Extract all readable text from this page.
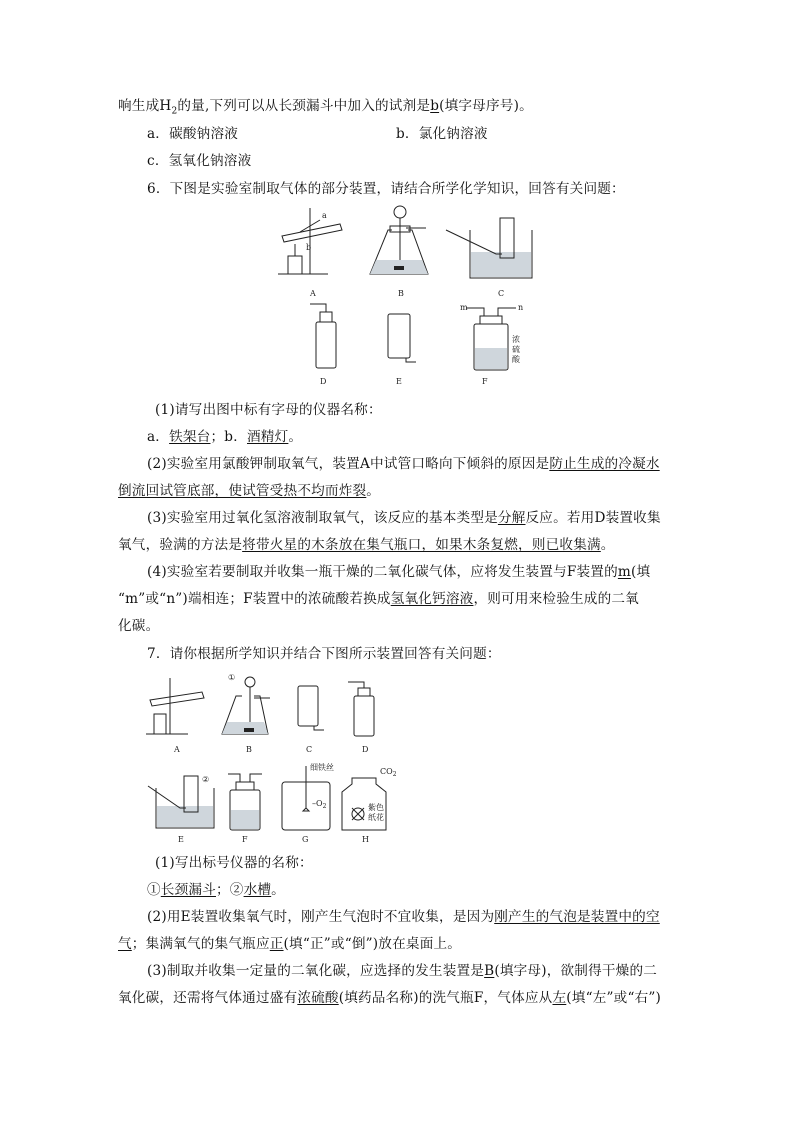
响生成$H_2$的量,下列可以从长颈漏斗中加入的试剂是b(填字母序号)。
a．碳酸钠溶液	b．氯化钠溶液
c．氢氧化钠溶液
6．下图是实验室制取气体的部分装置，请结合所学化学知识，回答有关问题：
a
b
A	B	C
m	n
浓
硫
酸
D	E	F
(1)请写出图中标有字母的仪器名称：
a．铁架台；b．酒精灯。
(2)实验室用氯酸钾制取氧气，装置A中试管口略向下倾斜的原因是防止生成的冷凝水
倒流回试管底部，使试管受热不均而炸裂。
(3)实验室用过氧化氢溶液制取氧气，该反应的基本类型是分解反应。若用D装置收集
氧气，验满的方法是将带火星的木条放在集气瓶口，如果木条复燃，则已收集满。
(4)实验室若要制取并收集一瓶干燥的二氧化碳气体，应将发生装置与F装置的m(填
“m”或“n”)端相连；F装置中的浓硫酸若换成氢氧化钙溶液，则可用来检验生成的二氧
化碳。
7．请你根据所学知识并结合下图所示装置回答有关问题：
①
A	B	C	D
②
细铁丝
$-O_2$
$CO_2$
紫色
纸花
E	F	G	H
(1)写出标号仪器的名称：
①长颈漏斗；②水槽。
(2)用E装置收集氧气时，刚产生气泡时不宜收集，是因为刚产生的气泡是装置中的空
气；集满氧气的集气瓶应正(填“正”或“倒”)放在桌面上。
(3)制取并收集一定量的二氧化碳，应选择的发生装置是B(填字母)，欲制得干燥的二
氧化碳，还需将气体通过盛有浓硫酸(填药品名称)的洗气瓶F，气体应从左(填“左”或“右”)
